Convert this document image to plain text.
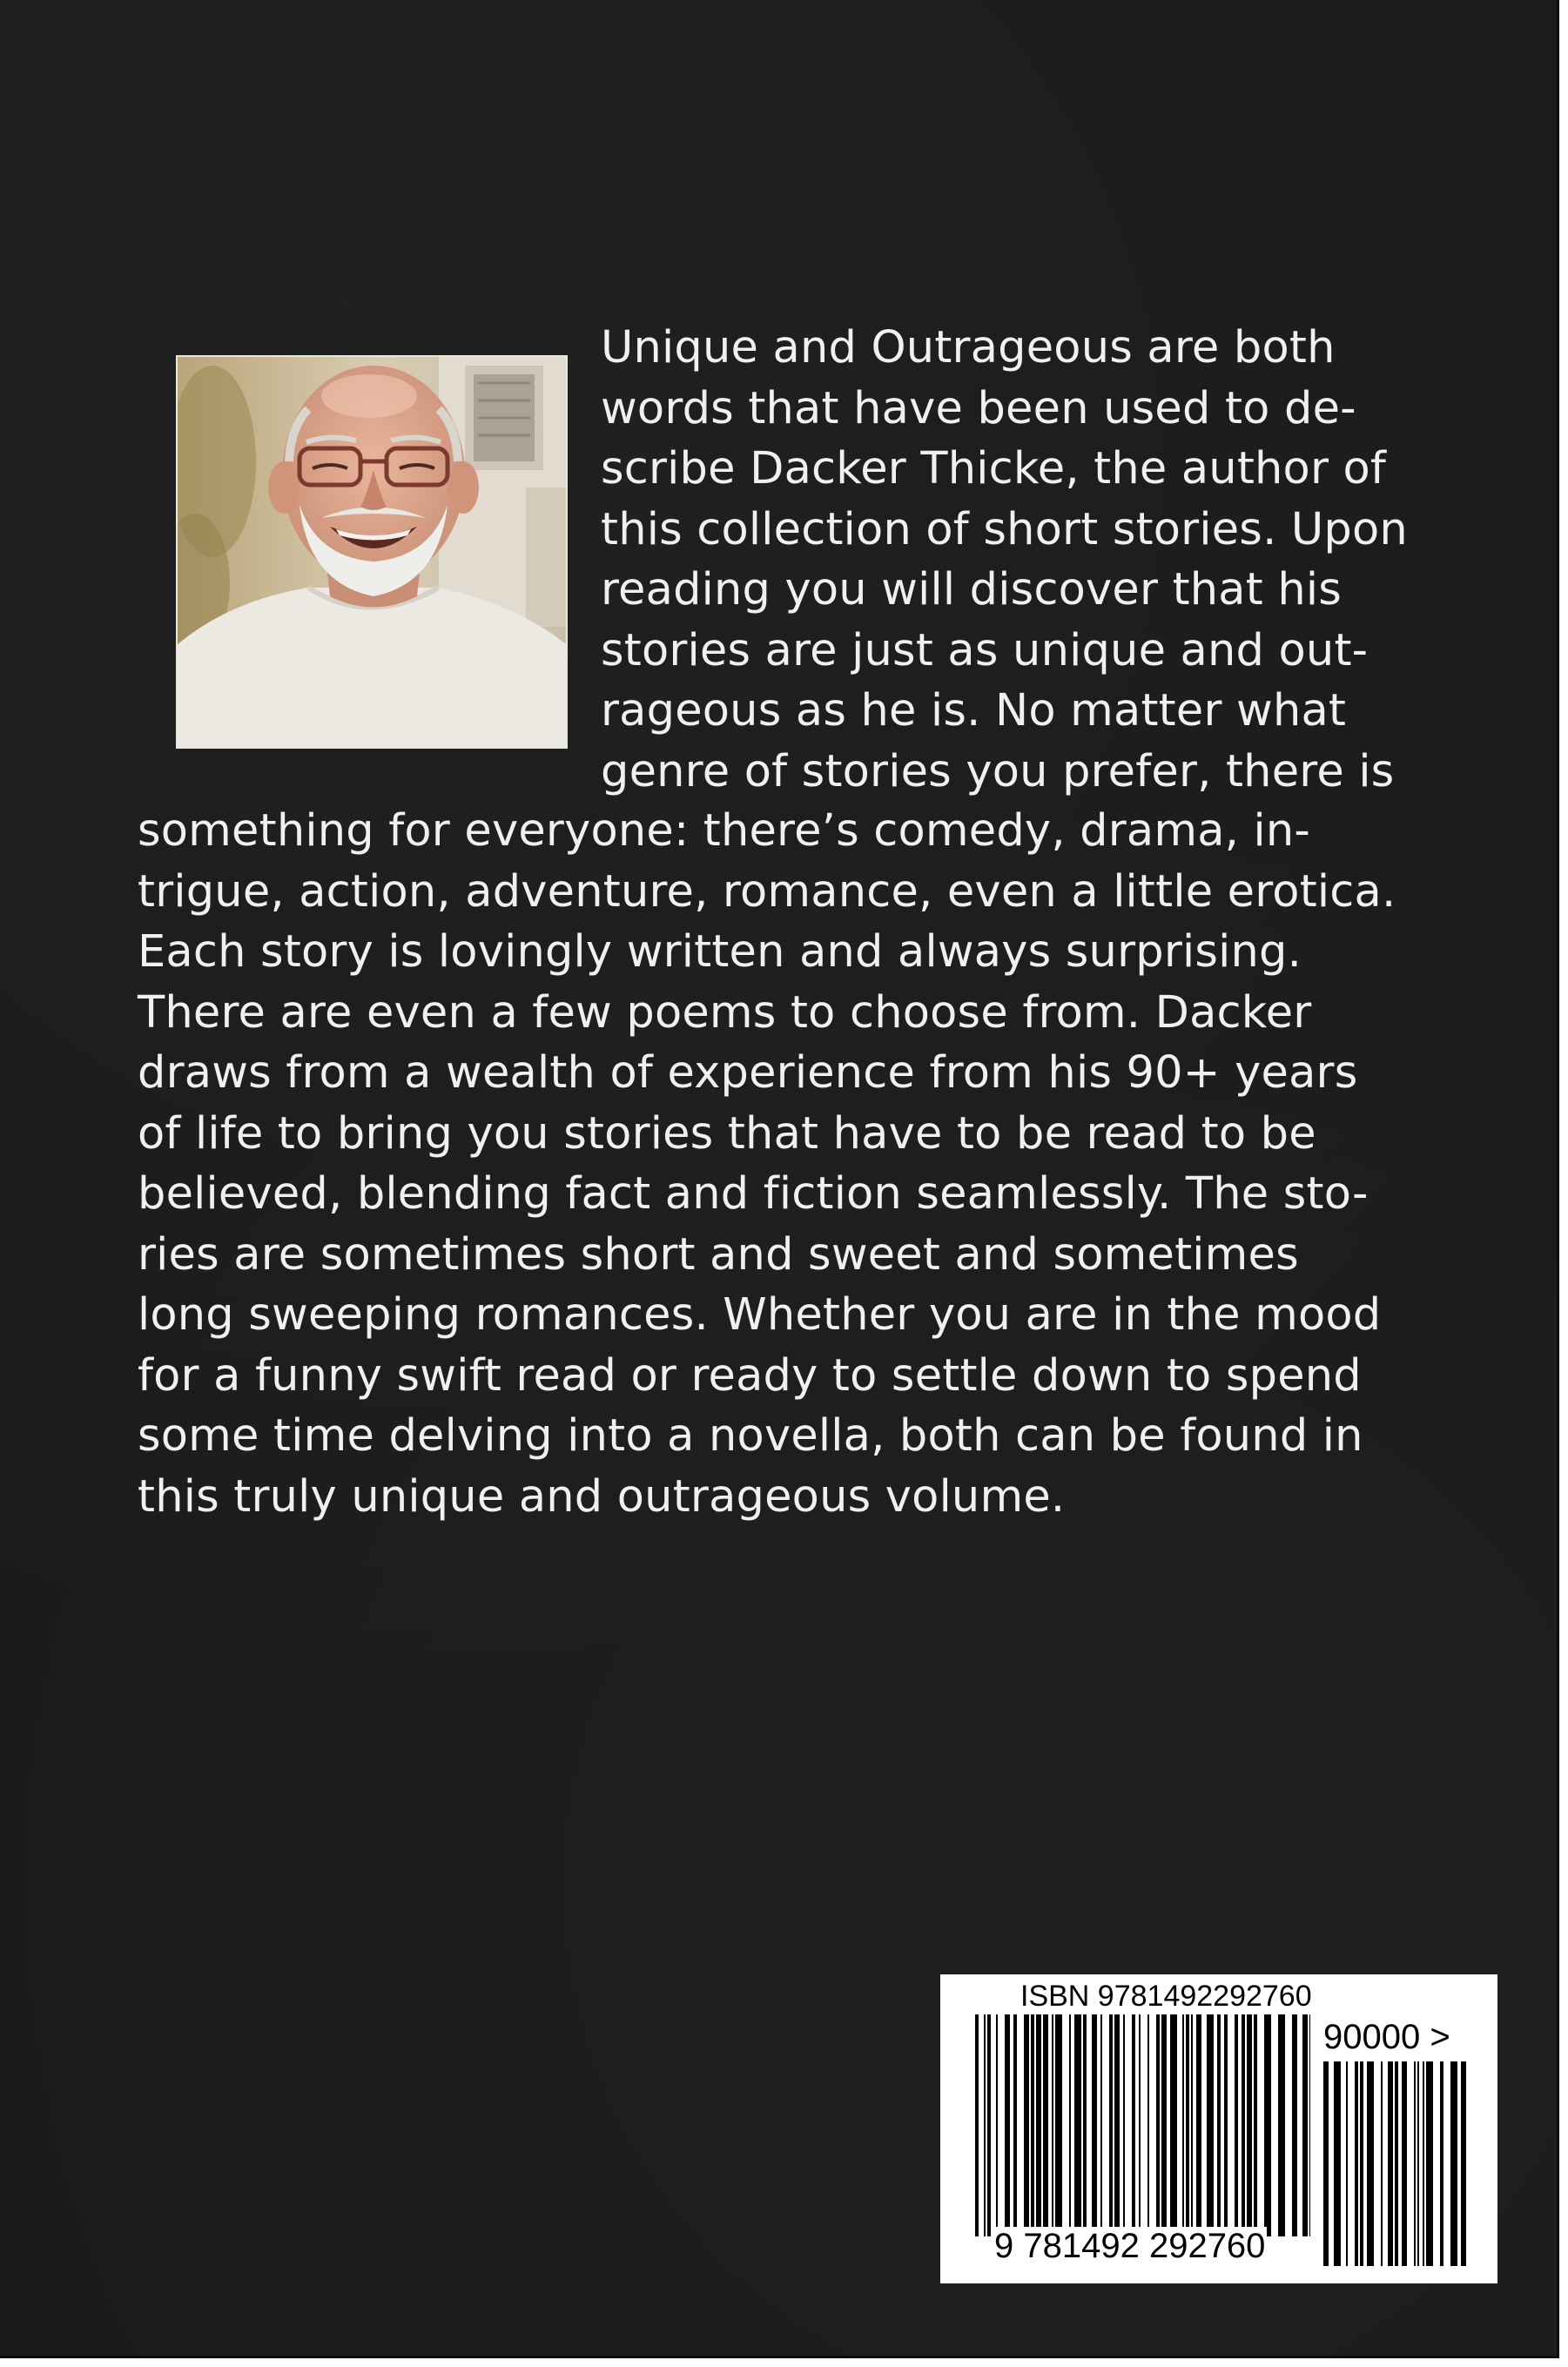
Unique and Outrageous are both
words that have been used to de-
scribe Dacker Thicke, the author of
this collection of short stories. Upon
reading you will discover that his
stories are just as unique and out-
rageous as he is. No matter what
genre of stories you prefer, there is

something for everyone: there’s comedy, drama, in-
trigue, action, adventure, romance, even a little erotica.
Each story is lovingly written and always surprising.
There are even a few poems to choose from. Dacker
draws from a wealth of experience from his 90+ years
of life to bring you stories that have to be read to be
believed, blending fact and fiction seamlessly. The sto-
ries are sometimes short and sweet and sometimes
long sweeping romances. Whether you are in the mood
for a funny swift read or ready to settle down to spend
some time delving into a novella, both can be found in
this truly unique and outrageous volume.

ISBN 9781492292760
90000 >
9 781492 292760
